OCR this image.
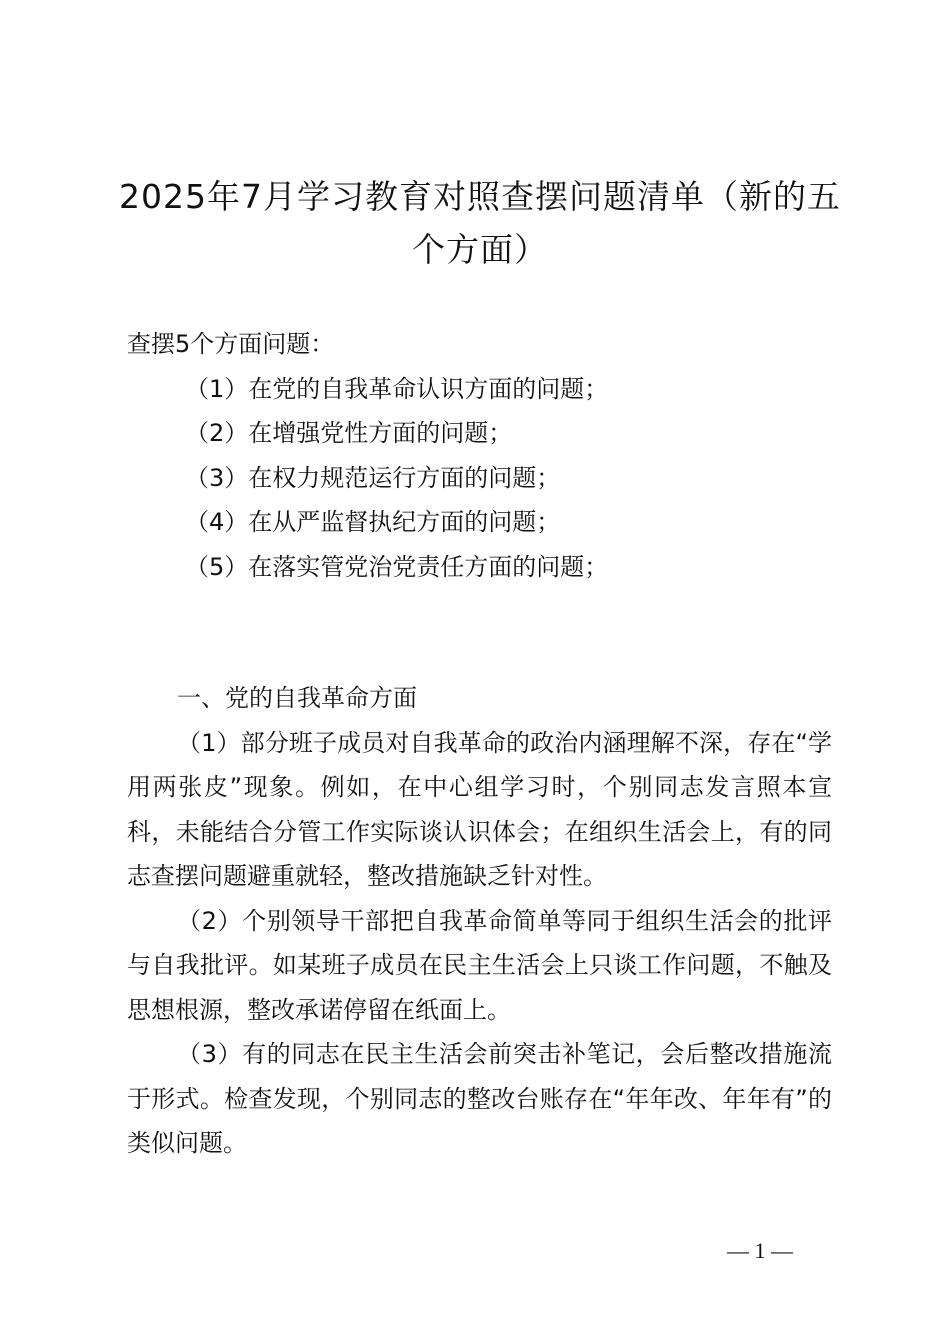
2025年7月学习教育对照查摆问题清单（新的五个方面）
查摆5个方面问题：
（1）在党的自我革命认识方面的问题；
（2）在增强党性方面的问题；
（3）在权力规范运行方面的问题；
（4）在从严监督执纪方面的问题；
（5）在落实管党治党责任方面的问题；

一、党的自我革命方面

（1）部分班子成员对自我革命的政治内涵理解不深，存在“学用两张皮”现象。例如，在中心组学习时，个别同志发言照本宣科，未能结合分管工作实际谈认识体会；在组织生活会上，有的同志查摆问题避重就轻，整改措施缺乏针对性。

（2）个别领导干部把自我革命简单等同于组织生活会的批评与自我批评。如某班子成员在民主生活会上只谈工作问题，不触及思想根源，整改承诺停留在纸面上。

（3）有的同志在民主生活会前突击补笔记，会后整改措施流于形式。检查发现，个别同志的整改台账存在“年年改、年年有”的类似问题。

— 1 —
